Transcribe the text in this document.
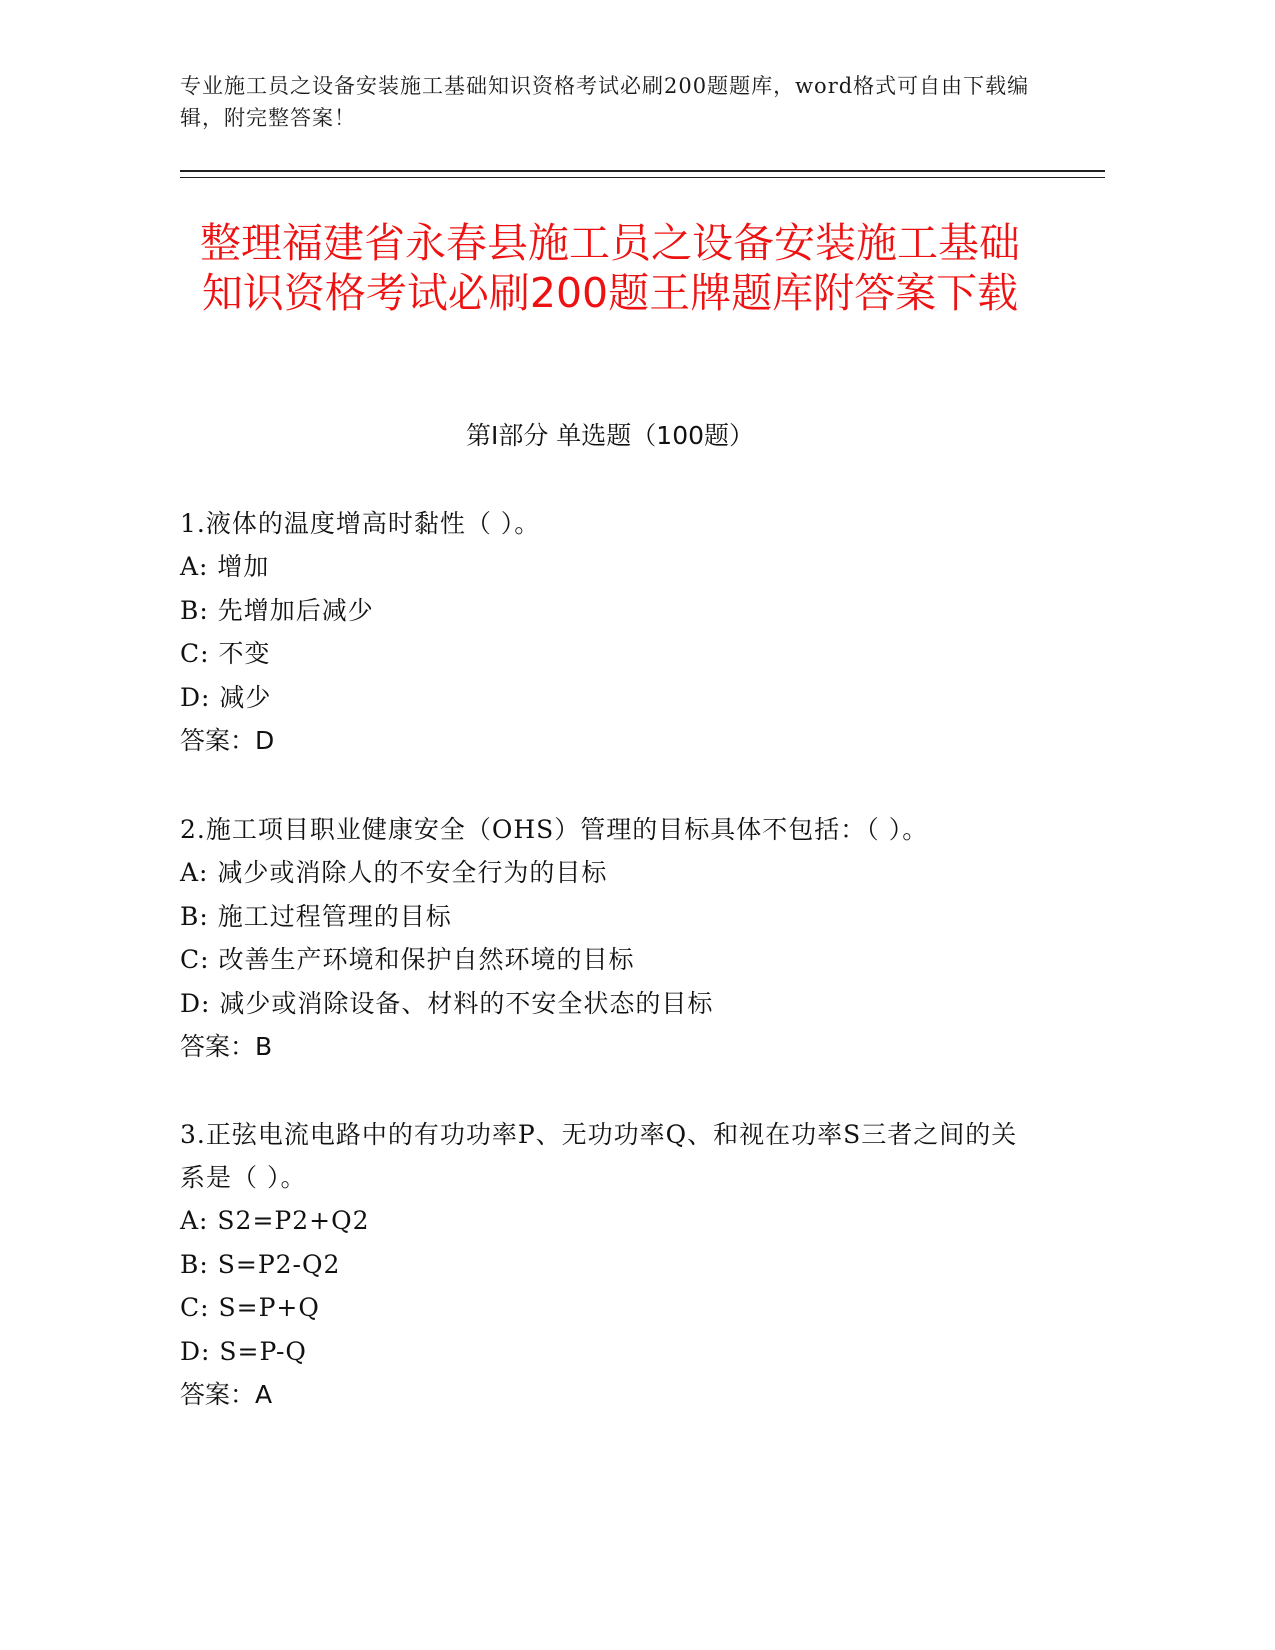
专业施工员之设备安装施工基础知识资格考试必刷200题题库，word格式可自由下载编辑，附完整答案！
整理福建省永春县施工员之设备安装施工基础知识资格考试必刷200题王牌题库附答案下载
第I部分 单选题（100题）
1.液体的温度增高时黏性（ ）。
A: 增加
B: 先增加后减少
C: 不变
D: 减少
答案：D
2.施工项目职业健康安全（OHS）管理的目标具体不包括：（ ）。
A: 减少或消除人的不安全行为的目标
B: 施工过程管理的目标
C: 改善生产环境和保护自然环境的目标
D: 减少或消除设备、材料的不安全状态的目标
答案：B
3.正弦电流电路中的有功功率P、无功功率Q、和视在功率S三者之间的关系是（ ）。
A: S2=P2+Q2
B: S=P2-Q2
C: S=P+Q
D: S=P-Q
答案：A
